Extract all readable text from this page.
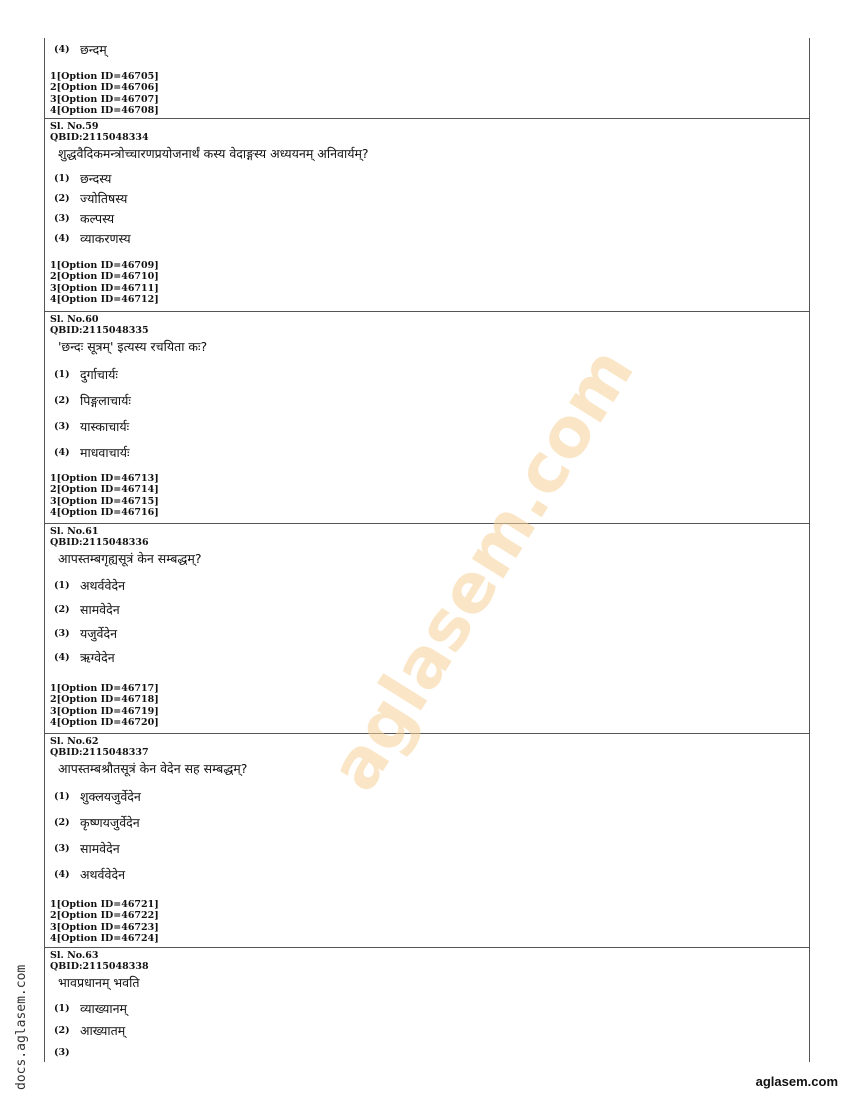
(4) छन्दम्
1[Option ID=46705]
2[Option ID=46706]
3[Option ID=46707]
4[Option ID=46708]
Sl. No.59
QBID:2115048334
शुद्धवैदिकमन्त्रोच्चारणप्रयोजनार्थं कस्य वेदाङ्गस्य अध्ययनम् अनिवार्यम्?
(1) छन्दस्य
(2) ज्योतिषस्य
(3) कल्पस्य
(4) व्याकरणस्य
1[Option ID=46709]
2[Option ID=46710]
3[Option ID=46711]
4[Option ID=46712]
Sl. No.60
QBID:2115048335
'छन्दः सूत्रम्' इत्यस्य रचयिता कः?
(1) दुर्गाचार्यः
(2) पिङ्गलाचार्यः
(3) यास्काचार्यः
(4) माधवाचार्यः
1[Option ID=46713]
2[Option ID=46714]
3[Option ID=46715]
4[Option ID=46716]
Sl. No.61
QBID:2115048336
आपस्तम्बगृह्यसूत्रं केन सम्बद्धम्?
(1) अथर्ववेदेन
(2) सामवेदेन
(3) यजुर्वेदेन
(4) ऋग्वेदेन
1[Option ID=46717]
2[Option ID=46718]
3[Option ID=46719]
4[Option ID=46720]
Sl. No.62
QBID:2115048337
आपस्तम्बश्रौतसूत्रं केन वेदेन सह सम्बद्धम्?
(1) शुक्लयजुर्वेदेन
(2) कृष्णयजुर्वेदेन
(3) सामवेदेन
(4) अथर्ववेदेन
1[Option ID=46721]
2[Option ID=46722]
3[Option ID=46723]
4[Option ID=46724]
Sl. No.63
QBID:2115048338
भावप्रधानम् भवति
(1) व्याख्यानम्
(2) आख्यातम्
(3)
aglasem.com
docs.aglasem.com	aglasem.com
